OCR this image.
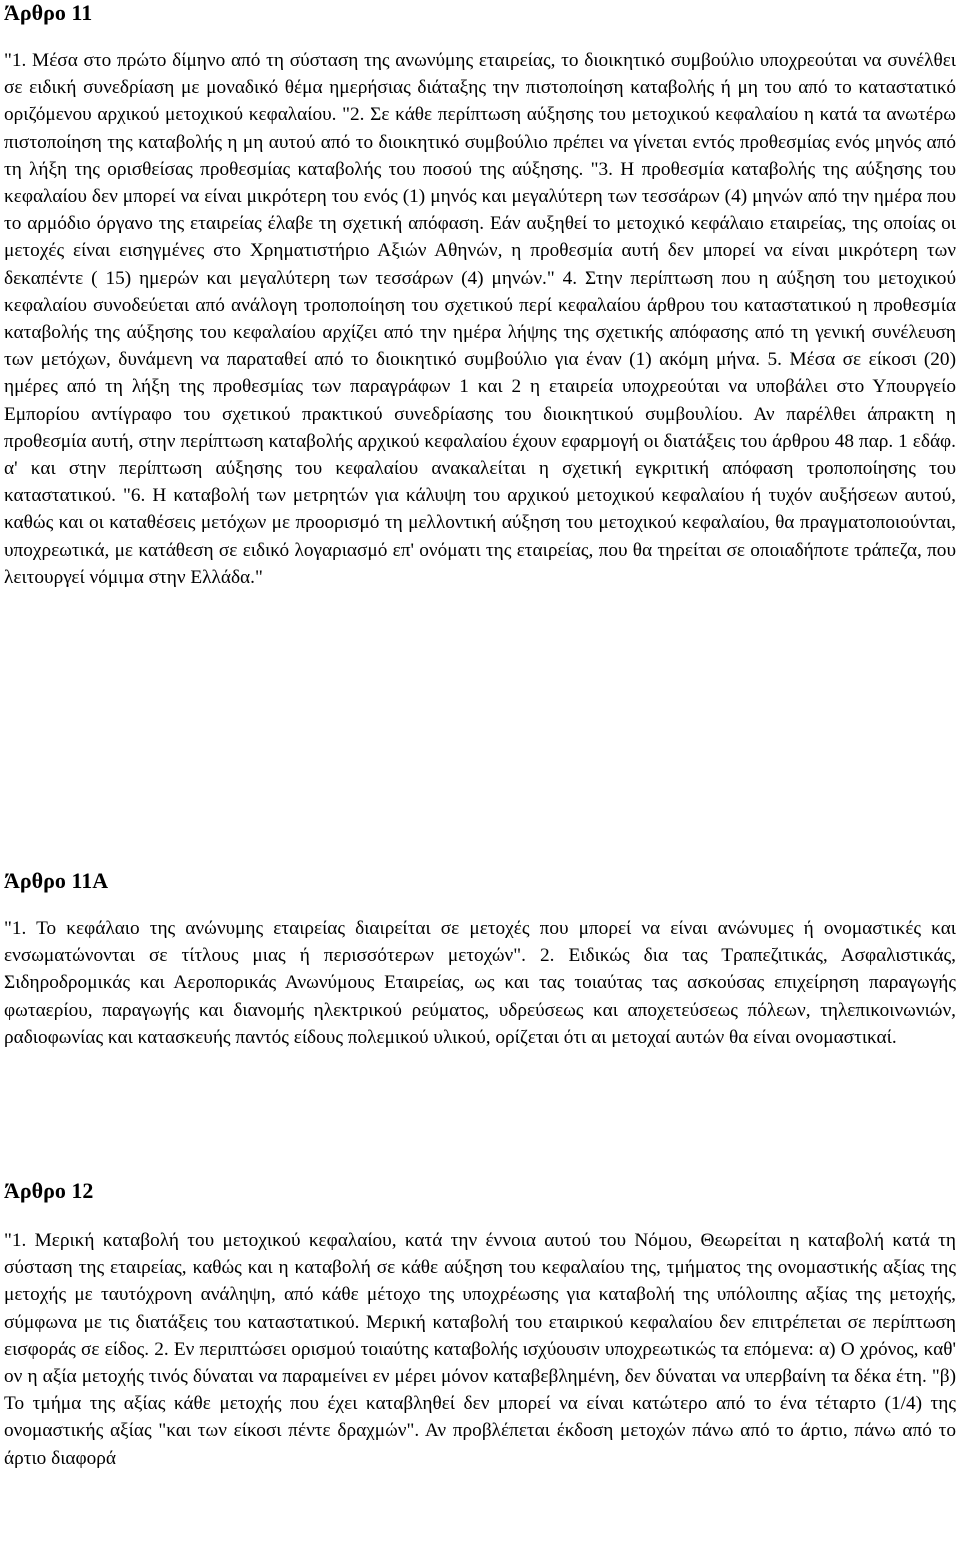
Άρθρο 11

"1. Μέσα στο πρώτο δίμηνο από τη σύσταση της ανωνύμης εταιρείας, το διοικητικό συμβούλιο υποχρεούται να συνέλθει σε ειδική συνεδρίαση με μοναδικό θέμα ημερήσιας διάταξης την πιστοποίηση καταβολής ή μη του από το καταστατικό οριζόμενου αρχικού μετοχικού κεφαλαίου. "2. Σε κάθε περίπτωση αύξησης του μετοχικού κεφαλαίου η κατά τα ανωτέρω πιστοποίηση της καταβολής η μη αυτού από το διοικητικό συμβούλιο πρέπει να γίνεται εντός προθεσμίας ενός μηνός από τη λήξη της ορισθείσας προθεσμίας καταβολής του ποσού της αύξησης. "3. Η προθεσμία καταβολής της αύξησης του κεφαλαίου δεν μπορεί να είναι μικρότερη του ενός (1) μηνός και μεγαλύτερη των τεσσάρων (4) μηνών από την ημέρα που το αρμόδιο όργανο της εταιρείας έλαβε τη σχετική απόφαση. Εάν αυξηθεί το μετοχικό κεφάλαιο εταιρείας, της οποίας οι μετοχές είναι εισηγμένες στο Χρηματιστήριο Αξιών Αθηνών, η προθεσμία αυτή δεν μπορεί να είναι μικρότερη των δεκαπέντε ( 15) ημερών και μεγαλύτερη των τεσσάρων (4) μηνών." 4. Στην περίπτωση που η αύξηση του μετοχικού κεφαλαίου συνοδεύεται από ανάλογη τροποποίηση του σχετικού περί κεφαλαίου άρθρου του καταστατικού η προθεσμία καταβολής της αύξησης του κεφαλαίου αρχίζει από την ημέρα λήψης της σχετικής απόφασης από τη γενική συνέλευση των μετόχων, δυνάμενη να παραταθεί από το διοικητικό συμβούλιο για έναν (1) ακόμη μήνα. 5. Μέσα σε είκοσι (20) ημέρες από τη λήξη της προθεσμίας των παραγράφων 1 και 2 η εταιρεία υποχρεούται να υποβάλει στο Υπουργείο Εμπορίου αντίγραφο του σχετικού πρακτικού συνεδρίασης του διοικητικού συμβουλίου. Αν παρέλθει άπρακτη η προθεσμία αυτή, στην περίπτωση καταβολής αρχικού κεφαλαίου έχουν εφαρμογή οι διατάξεις του άρθρου 48 παρ. 1 εδάφ. α' και στην περίπτωση αύξησης του κεφαλαίου ανακαλείται η σχετική εγκριτική απόφαση τροποποίησης του καταστατικού. "6. Η καταβολή των μετρητών για κάλυψη του αρχικού μετοχικού κεφαλαίου ή τυχόν αυξήσεων αυτού, καθώς και οι καταθέσεις μετόχων με προορισμό τη μελλοντική αύξηση του μετοχικού κεφαλαίου, θα πραγματοποιούνται, υποχρεωτικά, με κατάθεση σε ειδικό λογαριασμό επ' ονόματι της εταιρείας, που θα τηρείται σε οποιαδήποτε τράπεζα, που λειτουργεί νόμιμα στην Ελλάδα."

Άρθρο 11Α

"1. Το κεφάλαιο της ανώνυμης εταιρείας διαιρείται σε μετοχές που μπορεί να είναι ανώνυμες ή ονομαστικές και ενσωματώνονται σε τίτλους μιας ή περισσότερων μετοχών". 2. Ειδικώς δια τας Τραπεζιτικάς, Ασφαλιστικάς, Σιδηροδρομικάς και Αεροπορικάς Ανωνύμους Εταιρείας, ως και τας τοιαύτας τας ασκούσας επιχείρηση παραγωγής φωταερίου, παραγωγής και διανομής ηλεκτρικού ρεύματος, υδρεύσεως και αποχετεύσεως πόλεων, τηλεπικοινωνιών, ραδιοφωνίας και κατασκευής παντός είδους πολεμικού υλικού, ορίζεται ότι αι μετοχαί αυτών θα είναι ονομαστικαί.

Άρθρο 12

"1. Μερική καταβολή του μετοχικού κεφαλαίου, κατά την έννοια αυτού του Νόμου, Θεωρείται η καταβολή κατά τη σύσταση της εταιρείας, καθώς και η καταβολή σε κάθε αύξηση του κεφαλαίου της, τμήματος της ονομαστικής αξίας της μετοχής με ταυτόχρονη ανάληψη, από κάθε μέτοχο της υποχρέωσης για καταβολή της υπόλοιπης αξίας της μετοχής, σύμφωνα με τις διατάξεις του καταστατικού. Μερική καταβολή του εταιρικού κεφαλαίου δεν επιτρέπεται σε περίπτωση εισφοράς σε είδος. 2. Εν περιπτώσει ορισμού τοιαύτης καταβολής ισχύουσιν υποχρεωτικώς τα επόμενα: α) Ο χρόνος, καθ' ον η αξία μετοχής τινός δύναται να παραμείνει εν μέρει μόνον καταβεβλημένη, δεν δύναται να υπερβαίνη τα δέκα έτη. "β) Το τμήμα της αξίας κάθε μετοχής που έχει καταβληθεί δεν μπορεί να είναι κατώτερο από το ένα τέταρτο (1/4) της ονομαστικής αξίας "και των είκοσι πέντε δραχμών". Αν προβλέπεται έκδοση μετοχών πάνω από το άρτιο, πάνω από το άρτιο διαφορά
